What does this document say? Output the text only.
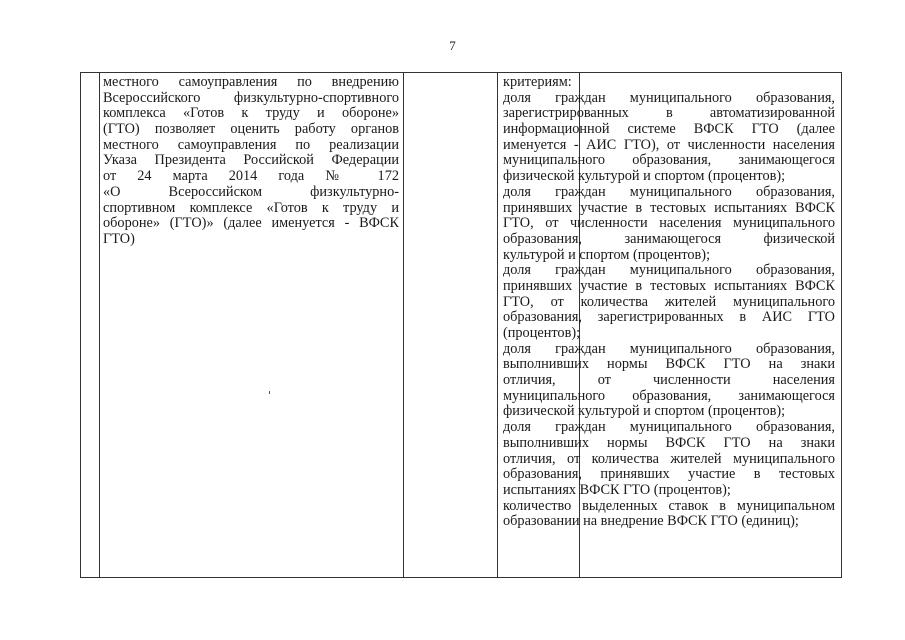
7
местного самоуправления по внедрению
Всероссийского физкультурно-спортивного
комплекса «Готов к труду и обороне»
(ГТО) позволяет оценить работу органов
местного самоуправления по реализации
Указа Президента Российской Федерации
от 24 марта 2014 года № 172
«О Всероссийском физкультурно-
спортивном комплексе «Готов к труду и
обороне» (ГТО)» (далее именуется - ВФСК
ГТО)
критериям:
доля граждан муниципального образования,
зарегистрированных в автоматизированной
информационной системе ВФСК ГТО (далее
именуется - АИС ГТО), от численности населения
муниципального образования, занимающегося
физической культурой и спортом (процентов);
доля граждан муниципального образования,
принявших участие в тестовых испытаниях ВФСК
ГТО, от численности населения муниципального
образования, занимающегося физической
культурой и спортом (процентов);
доля граждан муниципального образования,
принявших участие в тестовых испытаниях ВФСК
ГТО, от количества жителей муниципального
образования, зарегистрированных в АИС ГТО
(процентов);
доля граждан муниципального образования,
выполнивших нормы ВФСК ГТО на знаки
отличия, от численности населения
муниципального образования, занимающегося
физической культурой и спортом (процентов);
доля граждан муниципального образования,
выполнивших нормы ВФСК ГТО на знаки
отличия, от количества жителей муниципального
образования, принявших участие в тестовых
испытаниях ВФСК ГТО (процентов);
количество выделенных ставок в муниципальном
образовании на внедрение ВФСК ГТО (единиц);
